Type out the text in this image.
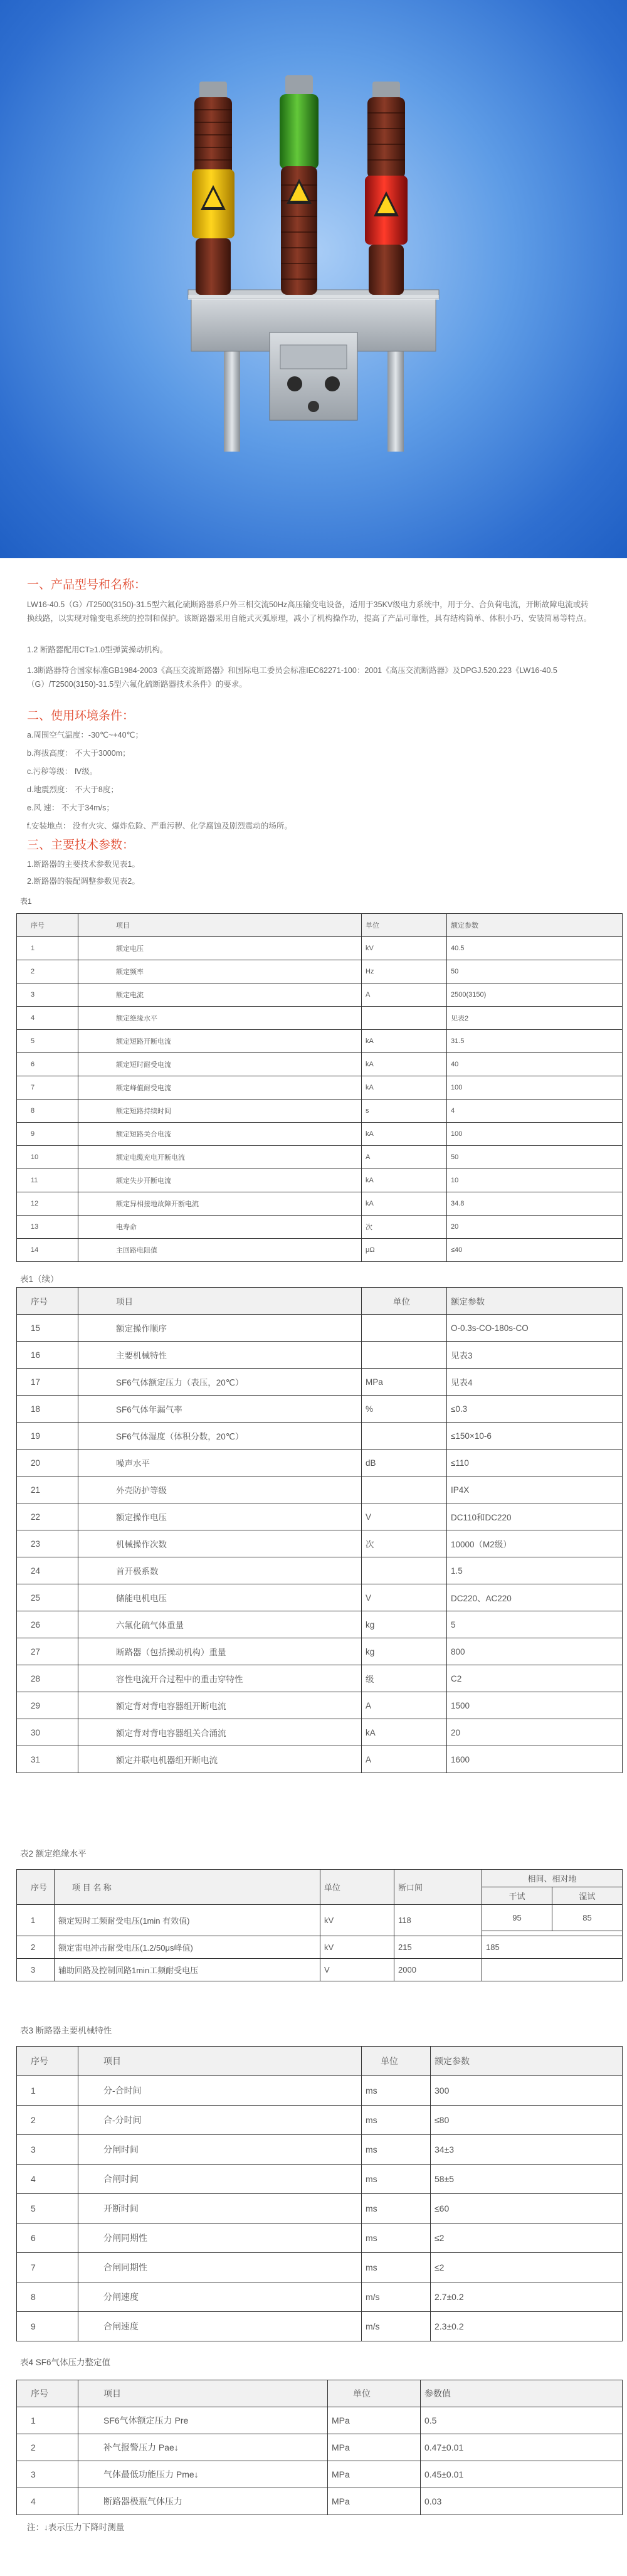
一、产品型号和名称：

LW16-40.5（G）/T2500(3150)-31.5型六氟化硫断路器系户外三相交流50Hz高压输变电设备，适用于35KV级电力系统中，用于分、合负荷电流，开断故障电流或转换线路，以实现对输变电系统的控制和保护。该断路器采用自能式灭弧原理，减小了机构操作功，提高了产品可靠性，具有结构简单、体积小巧、安装简易等特点。

1.2 断路器配用CT≥1.0型弹簧操动机构。

1.3断路器符合国家标准GB1984-2003《高压交流断路器》和国际电工委员会标准IEC62271-100：2001《高压交流断路器》及DPGJ.520.223《LW16-40.5（G）/T2500(3150)-31.5型六氟化硫断路器技术条件》的要求。

二、使用环境条件：
a.周围空气温度：-30℃~+40℃；
b.海拔高度： 不大于3000m；
c.污秽等级： Ⅳ级。
d.地震烈度： 不大于8度；
e.风 速： 不大于34m/s；
f.安装地点： 没有火灾、爆炸危险、严重污秽、化学腐蚀及剧烈震动的场所。
三、主要技术参数：
1.断路器的主要技术参数见表1。
2.断路器的装配调整参数见表2。
表1
序号	项目	单位	额定参数
1	额定电压	kV	40.5
2	额定频率	Hz	50
3	额定电流	A	2500(3150)
4	额定绝缘水平		见表2
5	额定短路开断电流	kA	31.5
6	额定短时耐受电流	kA	40
7	额定峰值耐受电流	kA	100
8	额定短路持续时间	s	4
9	额定短路关合电流	kA	100
10	额定电缆充电开断电流	A	50
11	额定失步开断电流	kA	10
12	额定异相接地故障开断电流	kA	34.8
13	电寿命	次	20
14	主回路电阻值	μΩ	≤40
表1（续）
序号	项目	单位	额定参数
15	额定操作顺序		O-0.3s-CO-180s-CO
16	主要机械特性		见表3
17	SF6气体额定压力（表压，20℃）	MPa	见表4
18	SF6气体年漏气率	%	≤0.3
19	SF6气体湿度（体积分数，20℃）		≤150×10-6
20	噪声水平	dB	≤110
21	外壳防护等级		IP4X
22	额定操作电压	V	DC110和DC220
23	机械操作次数	次	10000（M2级）
24	首开极系数		1.5
25	储能电机电压	V	DC220、AC220
26	六氟化硫气体重量	kg	5
27	断路器（包括操动机构）重量	kg	800
28	容性电流开合过程中的重击穿特性	级	C2
29	额定背对背电容器组开断电流	A	1500
30	额定背对背电容器组关合涌流	kA	20
31	额定并联电机器组开断电流	A	1600
表2 额定绝缘水平
序号	项 目 名 称	单位	断口间	相间、相对地	
				干试	湿试
1	额定短时工频耐受电压(1min 有效值)	kV	118	95	85

2	额定雷电冲击耐受电压(1.2/50μs峰值)	kV	215	185	
3	辅助回路及控制回路1min工频耐受电压	V	2000		
表3 断路器主要机械特性
序号	项目	单位	额定参数
1	分-合时间	ms	300
2	合-分时间	ms	≤80
3	分闸时间	ms	34±3
4	合闸时间	ms	58±5
5	开断时间	ms	≤60
6	分闸同期性	ms	≤2
7	合闸同期性	ms	≤2
8	分闸速度	m/s	2.7±0.2
9	合闸速度	m/s	2.3±0.2
表4 SF6气体压力整定值
序号	项目	单位	参数值
1	SF6气体额定压力 Pre	MPa	0.5
2	补气报警压力 Pae↓	MPa	0.47±0.01
3	气体最低功能压力 Pme↓	MPa	0.45±0.01
4	断路器极瓶气体压力	MPa	0.03
注：↓表示压力下降时测量
